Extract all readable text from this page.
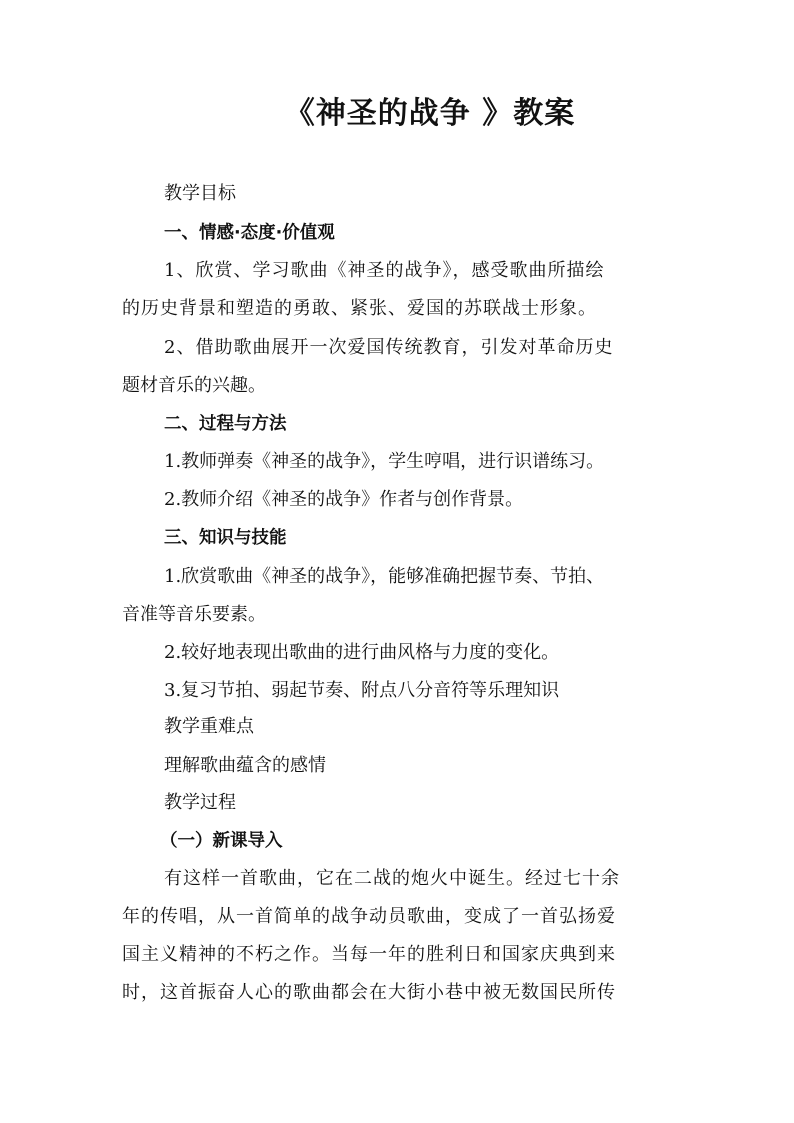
《神圣的战争 》教案
教学目标
一、情感·态度·价值观
1、欣赏、学习歌曲《神圣的战争》，感受歌曲所描绘
的历史背景和塑造的勇敢、紧张、爱国的苏联战士形象。
2、借助歌曲展开一次爱国传统教育，引发对革命历史
题材音乐的兴趣。
二、过程与方法
1.教师弹奏《神圣的战争》，学生哼唱，进行识谱练习。
2.教师介绍《神圣的战争》作者与创作背景。
三、知识与技能
1.欣赏歌曲《神圣的战争》，能够准确把握节奏、节拍、
音准等音乐要素。
2.较好地表现出歌曲的进行曲风格与力度的变化。
3.复习节拍、弱起节奏、附点八分音符等乐理知识
教学重难点
理解歌曲蕴含的感情
教学过程
（一）新课导入
有这样一首歌曲，它在二战的炮火中诞生。经过七十余
年的传唱，从一首简单的战争动员歌曲，变成了一首弘扬爱
国主义精神的不朽之作。当每一年的胜利日和国家庆典到来
时，这首振奋人心的歌曲都会在大街小巷中被无数国民所传
